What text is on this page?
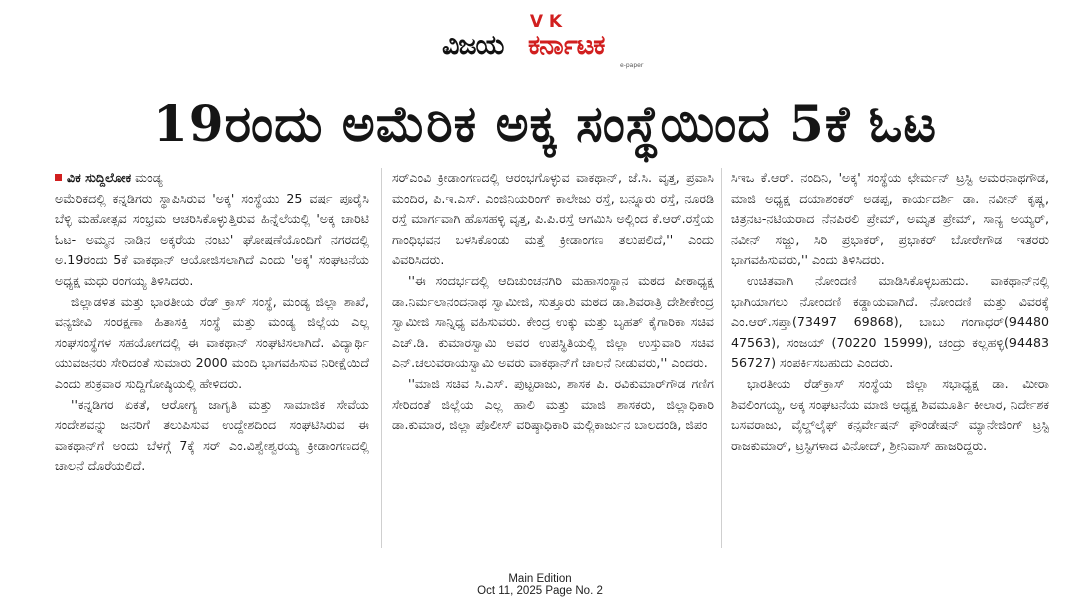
V K
ವಿಜಯ ಕರ್ನಾಟಕ
e-paper
19ರಂದು ಅಮೆರಿಕ ಅಕ್ಕ ಸಂಸ್ಥೆಯಿಂದ 5ಕೆ ಓಟ
ವಿಕ ಸುದ್ದಿಲೋಕ ಮಂಡ್ಯ

ಅಮೆರಿಕದಲ್ಲಿ ಕನ್ನಡಿಗರು ಸ್ಥಾಪಿಸಿರುವ 'ಅಕ್ಕ' ಸಂಸ್ಥೆಯು 25 ವರ್ಷ ಪೂರೈಸಿ ಬೆಳ್ಳಿ ಮಹೋತ್ಸವ ಸಂಭ್ರಮ ಆಚರಿಸಿಕೊಳ್ಳುತ್ತಿರುವ ಹಿನ್ನೆಲೆಯಲ್ಲಿ 'ಅಕ್ಕ ಚಾರಿಟಿ ಓಟ- ಅಮ್ಮನ ನಾಡಿನ ಅಕ್ಕರೆಯ ನಂಟು' ಘೋಷಣೆಯೊಂದಿಗೆ ನಗರದಲ್ಲಿ ಅ.19ರಂದು 5ಕೆ ವಾಕಥಾನ್ ಆಯೋಜಿಸಲಾಗಿದೆ ಎಂದು 'ಅಕ್ಕ' ಸಂಘಟನೆಯ ಅಧ್ಯಕ್ಷ ಮಧು ರಂಗಯ್ಯ ತಿಳಿಸಿದರು.

ಜಿಲ್ಲಾಡಳಿತ ಮತ್ತು ಭಾರತೀಯ ರೆಡ್ ಕ್ರಾಸ್ ಸಂಸ್ಥೆ, ಮಂಡ್ಯ ಜಿಲ್ಲಾ ಶಾಖೆ, ವನ್ಯಜೀವಿ ಸಂರಕ್ಷಣಾ ಹಿತಾಸಕ್ತಿ ಸಂಸ್ಥೆ ಮತ್ತು ಮಂಡ್ಯ ಜಿಲ್ಲೆಯ ಎಲ್ಲ ಸಂಘಸಂಸ್ಥೆಗಳ ಸಹಯೋಗದಲ್ಲಿ ಈ ವಾಕಥಾನ್ ಸಂಘಟಿಸಲಾಗಿದೆ. ವಿದ್ಯಾರ್ಥಿ ಯುವಜನರು ಸೇರಿದಂತೆ ಸುಮಾರು 2000 ಮಂದಿ ಭಾಗವಹಿಸುವ ನಿರೀಕ್ಷೆಯಿದೆ ಎಂದು ಶುಕ್ರವಾರ ಸುದ್ದಿಗೋಷ್ಠಿಯಲ್ಲಿ ಹೇಳಿದರು.

''ಕನ್ನಡಿಗರ ಏಕತೆ, ಆರೋಗ್ಯ ಜಾಗೃತಿ ಮತ್ತು ಸಾಮಾಜಿಕ ಸೇವೆಯ ಸಂದೇಶವನ್ನು ಜನರಿಗೆ ತಲುಪಿಸುವ ಉದ್ದೇಶದಿಂದ ಸಂಘಟಿಸಿರುವ ಈ ವಾಕಥಾನ್‌ಗೆ ಅಂದು ಬೆಳಗ್ಗೆ 7ಕ್ಕೆ ಸರ್ ಎಂ.ವಿಶ್ವೇಶ್ವರಯ್ಯ ಕ್ರೀಡಾಂಗಣದಲ್ಲಿ ಚಾಲನೆ ದೊರೆಯಲಿದೆ.

ಸರ್‌ಎಂವಿ ಕ್ರೀಡಾಂಗಣದಲ್ಲಿ ಆರಂಭಗೊಳ್ಳುವ ವಾಕಥಾನ್, ಜೆ.ಸಿ. ವೃತ್ತ, ಪ್ರವಾಸಿ ಮಂದಿರ, ಪಿ.ಇ.ಎಸ್. ಎಂಜಿನಿಯರಿಂಗ್ ಕಾಲೇಜು ರಸ್ತೆ, ಬನ್ನೂರು ರಸ್ತೆ, ನೂರಡಿ ರಸ್ತೆ ಮಾರ್ಗವಾಗಿ ಹೊಸಹಳ್ಳಿ ವೃತ್ತ, ಪಿ.ಪಿ.ರಸ್ತೆ ಆಗಮಿಸಿ ಅಲ್ಲಿಂದ ಕೆ.ಆರ್.ರಸ್ತೆಯ ಗಾಂಧಿಭವನ ಬಳಸಿಕೊಂಡು ಮತ್ತೆ ಕ್ರೀಡಾಂಗಣ ತಲುಪಲಿದೆ,'' ಎಂದು ವಿವರಿಸಿದರು.

''ಈ ಸಂದರ್ಭದಲ್ಲಿ ಆದಿಚುಂಚನಗಿರಿ ಮಹಾಸಂಸ್ಥಾನ ಮಠದ ಪೀಠಾಧ್ಯಕ್ಷ ಡಾ.ನಿರ್ಮಲಾನಂದನಾಥ ಸ್ವಾಮೀಜಿ, ಸುತ್ತೂರು ಮಠದ ಡಾ.ಶಿವರಾತ್ರಿ ದೇಶೀಕೇಂದ್ರ ಸ್ವಾಮೀಜಿ ಸಾನ್ನಿಧ್ಯ ವಹಿಸುವರು. ಕೇಂದ್ರ ಉಕ್ಕು ಮತ್ತು ಬೃಹತ್ ಕೈಗಾರಿಕಾ ಸಚಿವ ಎಚ್.ಡಿ. ಕುಮಾರಸ್ವಾಮಿ ಅವರ ಉಪಸ್ಥಿತಿಯಲ್ಲಿ ಜಿಲ್ಲಾ ಉಸ್ತುವಾರಿ ಸಚಿವ ಎನ್.ಚಲುವರಾಯಸ್ವಾಮಿ ಅವರು ವಾಕಥಾನ್‌ಗೆ ಚಾಲನೆ ನೀಡುವರು,'' ಎಂದರು.

''ಮಾಜಿ ಸಚಿವ ಸಿ.ಎಸ್. ಪುಟ್ಟರಾಜು, ಶಾಸಕ ಪಿ. ರವಿಕುಮಾರ್‌ಗೌಡ ಗಣಿಗ ಸೇರಿದಂತೆ ಜಿಲ್ಲೆಯ ಎಲ್ಲ ಹಾಲಿ ಮತ್ತು ಮಾಜಿ ಶಾಸಕರು, ಜಿಲ್ಲಾಧಿಕಾರಿ ಡಾ.ಕುಮಾರ, ಜಿಲ್ಲಾ ಪೊಲೀಸ್ ವರಿಷ್ಠಾಧಿಕಾರಿ ಮಲ್ಲಿಕಾರ್ಜುನ ಬಾಲದಂಡಿ, ಜಿಪಂ

ಸಿಇಒ ಕೆ.ಆರ್. ನಂದಿನಿ, 'ಅಕ್ಕ' ಸಂಸ್ಥೆಯ ಛೇರ್ಮನ್ ಟ್ರಸ್ಟಿ ಅಮರನಾಥಗೌಡ, ಮಾಜಿ ಅಧ್ಯಕ್ಷ ದಯಾಶಂಕರ್ ಅಡಪ್ಪ, ಕಾರ್ಯದರ್ಶಿ ಡಾ. ನವೀನ್ ಕೃಷ್ಣ, ಚಿತ್ರನಟ-ನಟಿಯರಾದ ನೆನಪಿರಲಿ ಪ್ರೇಮ್, ಅಮೃತ ಪ್ರೇಮ್, ಸಾನ್ಯ ಅಯ್ಯರ್, ನವೀನ್ ಸಜ್ಜು, ಸಿರಿ ಪ್ರಭಾಕರ್, ಪ್ರಭಾಕರ್ ಬೋರೇಗೌಡ ಇತರರು ಭಾಗವಹಿಸುವರು,'' ಎಂದು ತಿಳಿಸಿದರು.

ಉಚಿತವಾಗಿ ನೋಂದಣಿ ಮಾಡಿಸಿಕೊಳ್ಳಬಹುದು. ವಾಕಥಾನ್‌ನಲ್ಲಿ ಭಾಗಿಯಾಗಲು ನೋಂದಣಿ ಕಡ್ಡಾಯವಾಗಿದೆ. ನೋಂದಣಿ ಮತ್ತು ವಿವರಕ್ಕೆ ಎಂ.ಆರ್.ಸಪ್ತಾ(73497 69868), ಬಾಬು ಗಂಗಾಧರ್(94480 47563), ಸಂಜಯ್ (70220 15999), ಚಂದ್ರು ಕಲ್ಲಹಳ್ಳಿ(94483 56727) ಸಂಪರ್ಕಿಸಬಹುದು ಎಂದರು.

ಭಾರತೀಯ ರೆಡ್‌ಕ್ರಾಸ್ ಸಂಸ್ಥೆಯ ಜಿಲ್ಲಾ ಸಭಾಧ್ಯಕ್ಷ ಡಾ. ಮೀರಾ ಶಿವಲಿಂಗಯ್ಯ, ಅಕ್ಕ ಸಂಘಟನೆಯ ಮಾಜಿ ಅಧ್ಯಕ್ಷ ಶಿವಮೂರ್ತಿ ಕೀಲಾರ, ನಿರ್ದೇಶಕ ಬಸವರಾಜು, ವೈಲ್ಡ್‌ಲೈಫ್ ಕನ್ಸರ್ವೇಷನ್ ಫೌಂಡೇಷನ್ ಮ್ಯಾನೇಜಿಂಗ್ ಟ್ರಸ್ಟಿ ರಾಜಕುಮಾರ್, ಟ್ರಸ್ಟಿಗಳಾದ ವಿನೋದ್, ಶ್ರೀನಿವಾಸ್ ಹಾಜರಿದ್ದರು.

Main Edition
Oct 11, 2025 Page No. 2
